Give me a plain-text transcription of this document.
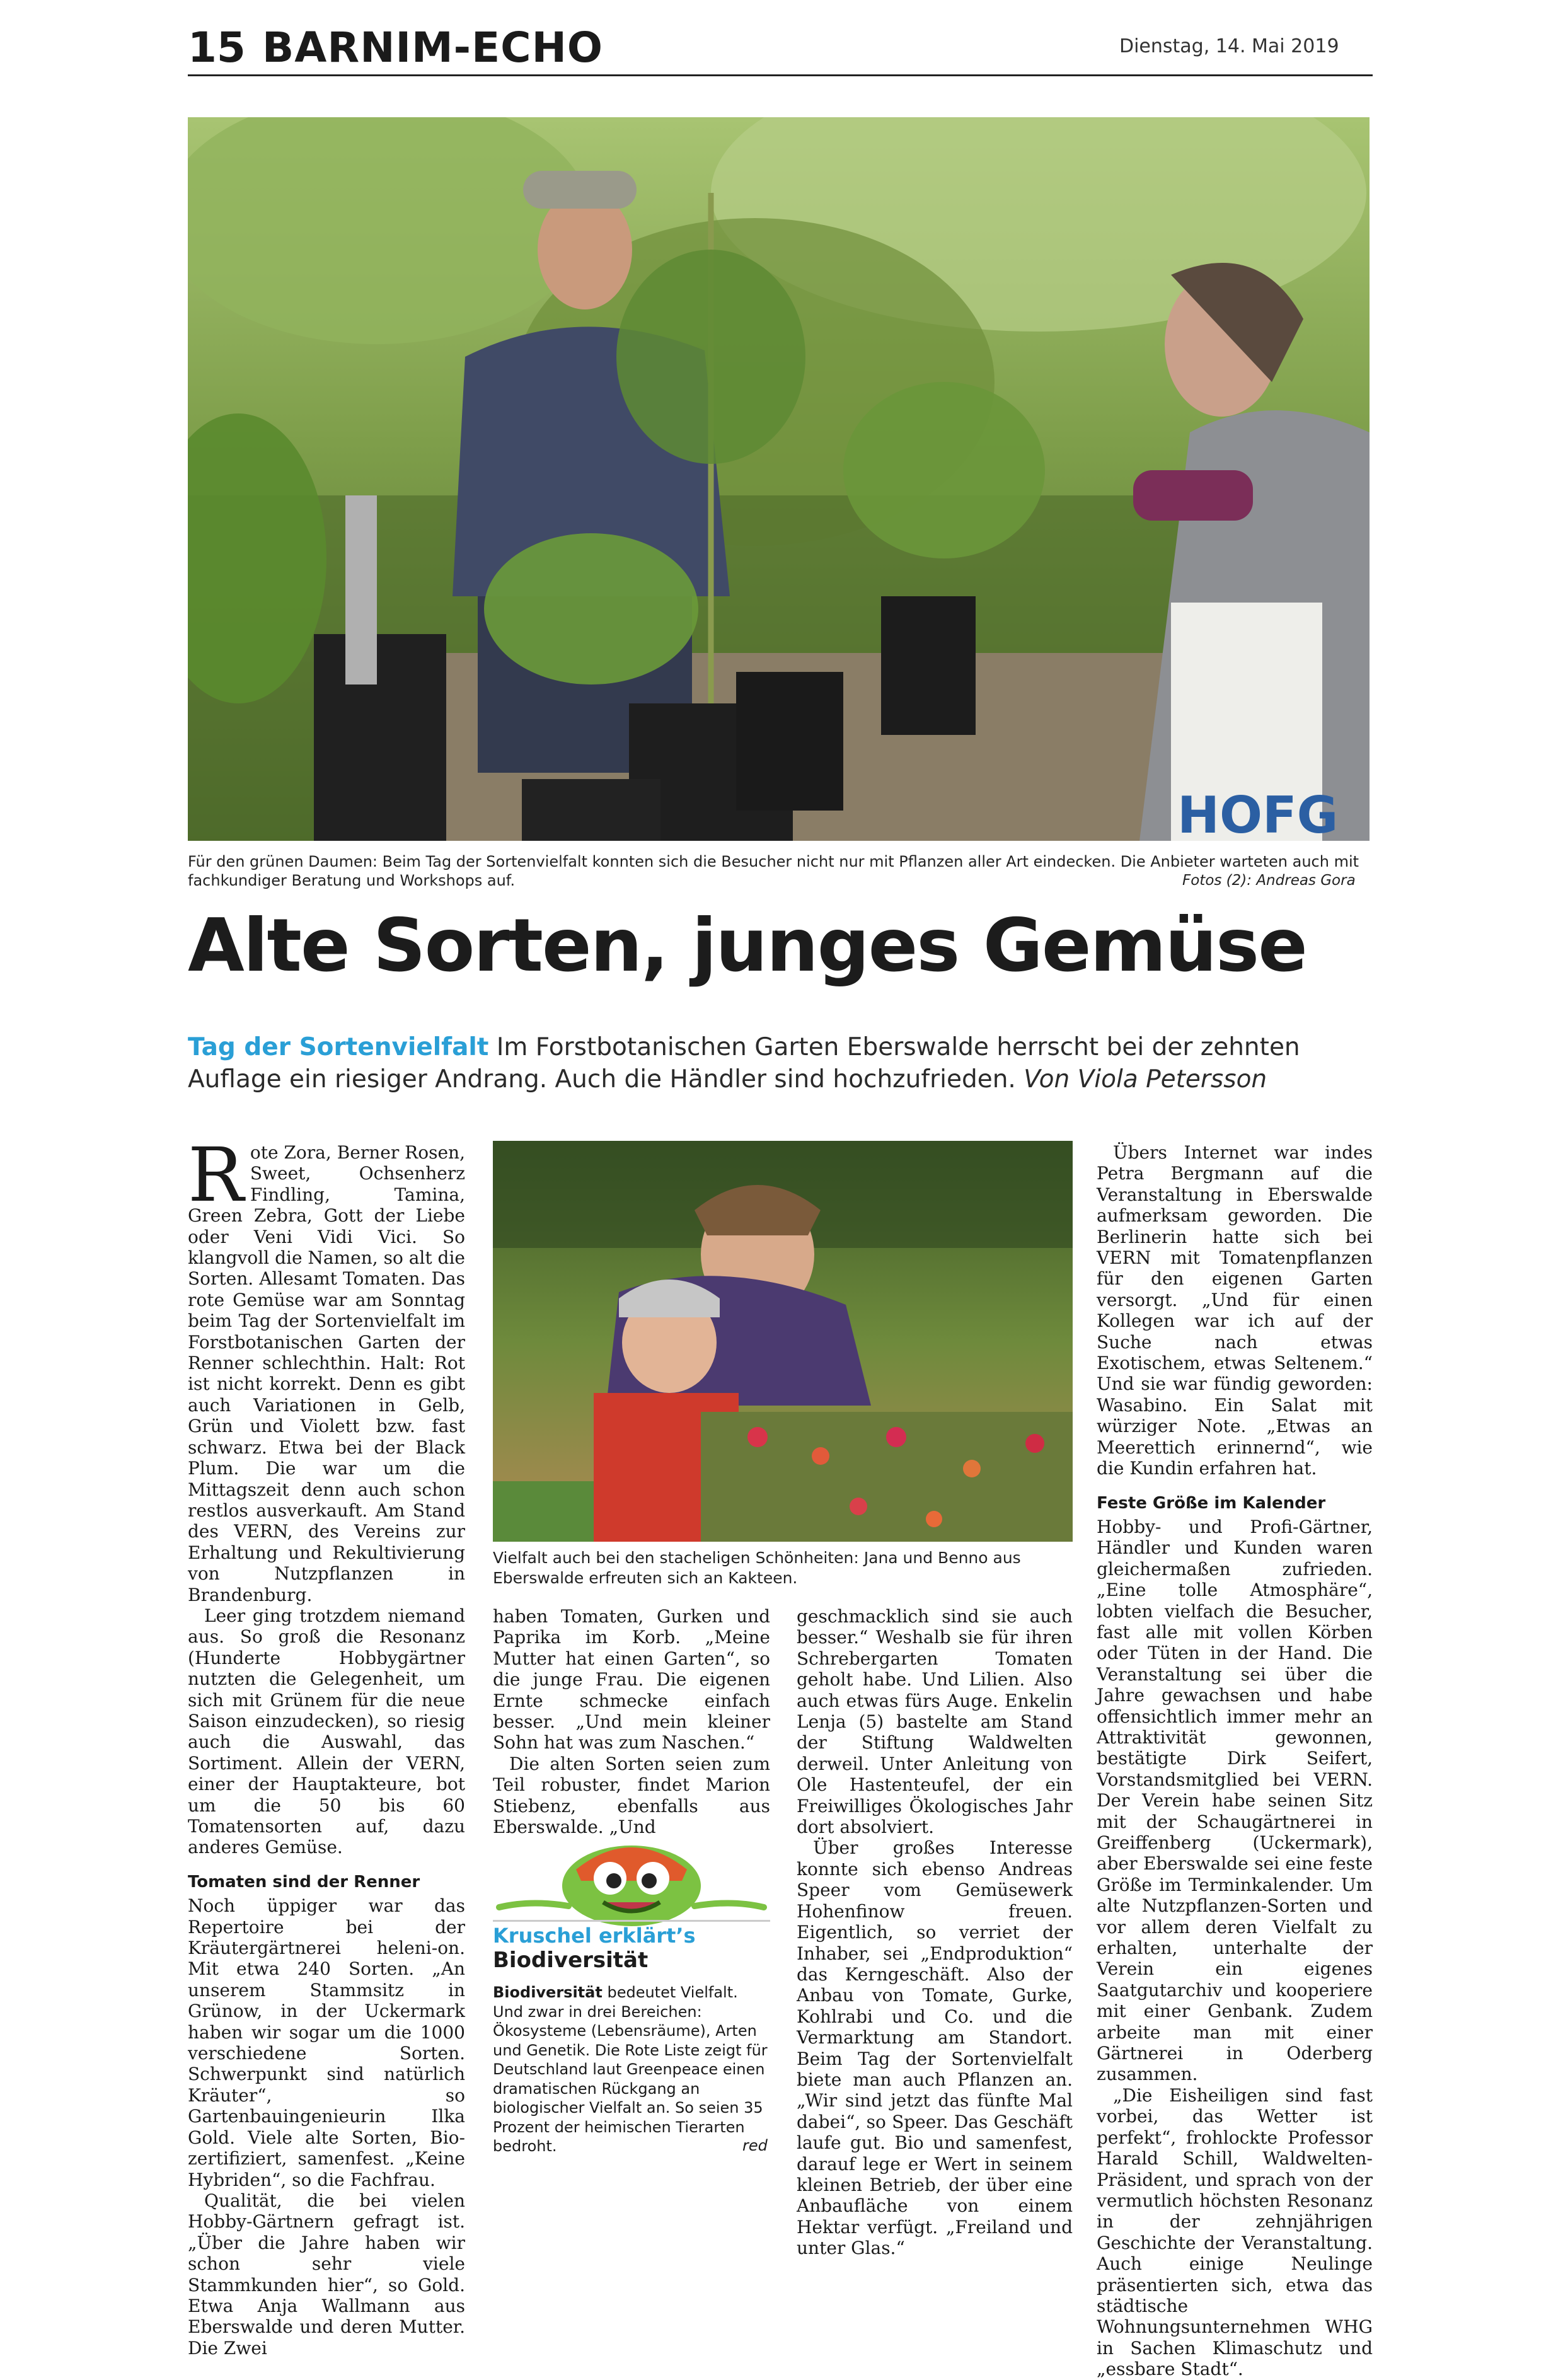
15 BARNIM-ECHO	Dienstag, 14. Mai 2019
HOFG
Für den grünen Daumen: Beim Tag der Sortenvielfalt konnten sich die Besucher nicht nur mit Pflanzen aller Art eindecken. Die Anbieter warteten auch mit fachkundiger Beratung und Workshops auf.	Fotos (2): Andreas Gora
Alte Sorten, junges Gemüse
Tag der Sortenvielfalt Im Forstbotanischen Garten Eberswalde herrscht bei der zehnten Auflage ein riesiger Andrang. Auch die Händler sind hochzufrieden. Von Viola Petersson

Rote Zora, Berner Rosen, Sweet, Ochsenherz Findling, Tamina, Green Zebra, Gott der Liebe oder Veni Vidi Vici. So klangvoll die Namen, so alt die Sorten. Allesamt Tomaten. Das rote Gemüse war am Sonntag beim Tag der Sortenvielfalt im Forstbotanischen Garten der Renner schlechthin. Halt: Rot ist nicht korrekt. Denn es gibt auch Variationen in Gelb, Grün und Violett bzw. fast schwarz. Etwa bei der Black Plum. Die war um die Mittagszeit denn auch schon restlos ausverkauft. Am Stand des VERN, des Vereins zur Erhaltung und Rekultivierung von Nutzpflanzen in Brandenburg.

Leer ging trotzdem niemand aus. So groß die Resonanz (Hunderte Hobbygärtner nutzten die Gelegenheit, um sich mit Grünem für die neue Saison einzudecken), so riesig auch die Auswahl, das Sortiment. Allein der VERN, einer der Hauptakteure, bot um die 50 bis 60 Tomatensorten auf, dazu anderes Gemüse.

Tomaten sind der Renner

Noch üppiger war das Repertoire bei der Kräutergärtnerei heleni-on. Mit etwa 240 Sorten. „An unserem Stammsitz in Grünow, in der Uckermark haben wir sogar um die 1000 verschiedene Sorten. Schwerpunkt sind natürlich Kräuter“, so Gartenbauingenieurin Ilka Gold. Viele alte Sorten, Bio-zertifiziert, samenfest. „Keine Hybriden“, so die Fachfrau.

Qualität, die bei vielen Hobby-Gärtnern gefragt ist. „Über die Jahre haben wir schon sehr viele Stammkunden hier“, so Gold. Etwa Anja Wallmann aus Eberswalde und deren Mutter. Die Zwei

Vielfalt auch bei den stacheligen Schönheiten: Jana und Benno aus Eberswalde erfreuten sich an Kakteen.

haben Tomaten, Gurken und Paprika im Korb. „Meine Mutter hat einen Garten“, so die junge Frau. Die eigenen Ernte schmecke einfach besser. „Und mein kleiner Sohn hat was zum Naschen.“

Die alten Sorten seien zum Teil robuster, findet Marion Stiebenz, ebenfalls aus Eberswalde. „Und

Kruschel erklärt’s
Biodiversität
Biodiversität bedeutet Vielfalt. Und zwar in drei Bereichen: Ökosysteme (Lebensräume), Arten und Genetik. Die Rote Liste zeigt für Deutschland laut Greenpeace einen dramatischen Rückgang an biologischer Vielfalt an. So seien 35 Prozent der heimischen Tierarten bedroht.	red

geschmacklich sind sie auch besser.“ Weshalb sie für ihren Schrebergarten Tomaten geholt habe. Und Lilien. Also auch etwas fürs Auge. Enkelin Lenja (5) bastelte am Stand der Stiftung Waldwelten derweil. Unter Anleitung von Ole Hastenteufel, der ein Freiwilliges Ökologisches Jahr dort absolviert.

Über großes Interesse konnte sich ebenso Andreas Speer vom Gemüsewerk Hohenfinow freuen. Eigentlich, so verriet der Inhaber, sei „Endproduktion“ das Kerngeschäft. Also der Anbau von Tomate, Gurke, Kohlrabi und Co. und die Vermarktung am Standort. Beim Tag der Sortenvielfalt biete man auch Pflanzen an. „Wir sind jetzt das fünfte Mal dabei“, so Speer. Das Geschäft laufe gut. Bio und samenfest, darauf lege er Wert in seinem kleinen Betrieb, der über eine Anbaufläche von einem Hektar verfügt. „Freiland und unter Glas.“

Übers Internet war indes Petra Bergmann auf die Veranstaltung in Eberswalde aufmerksam geworden. Die Berlinerin hatte sich bei VERN mit Tomatenpflanzen für den eigenen Garten versorgt. „Und für einen Kollegen war ich auf der Suche nach etwas Exotischem, etwas Seltenem.“ Und sie war fündig geworden: Wasabino. Ein Salat mit würziger Note. „Etwas an Meerettich erinnernd“, wie die Kundin erfahren hat.

Feste Größe im Kalender

Hobby- und Profi-Gärtner, Händler und Kunden waren gleichermaßen zufrieden. „Eine tolle Atmosphäre“, lobten vielfach die Besucher, fast alle mit vollen Körben oder Tüten in der Hand. Die Veranstaltung sei über die Jahre gewachsen und habe offensichtlich immer mehr an Attraktivität gewonnen, bestätigte Dirk Seifert, Vorstandsmitglied bei VERN. Der Verein habe seinen Sitz mit der Schaugärtnerei in Greiffenberg (Uckermark), aber Eberswalde sei eine feste Größe im Terminkalender. Um alte Nutzpflanzen-Sorten und vor allem deren Vielfalt zu erhalten, unterhalte der Verein ein eigenes Saatgutarchiv und kooperiere mit einer Genbank. Zudem arbeite man mit einer Gärtnerei in Oderberg zusammen.

„Die Eisheiligen sind fast vorbei, das Wetter ist perfekt“, frohlockte Professor Harald Schill, Waldwelten-Präsident, und sprach von der vermutlich höchsten Resonanz in der zehnjährigen Geschichte der Veranstaltung. Auch einige Neulinge präsentierten sich, etwa das städtische Wohnungsunternehmen WHG in Sachen Klimaschutz und „essbare Stadt“.
